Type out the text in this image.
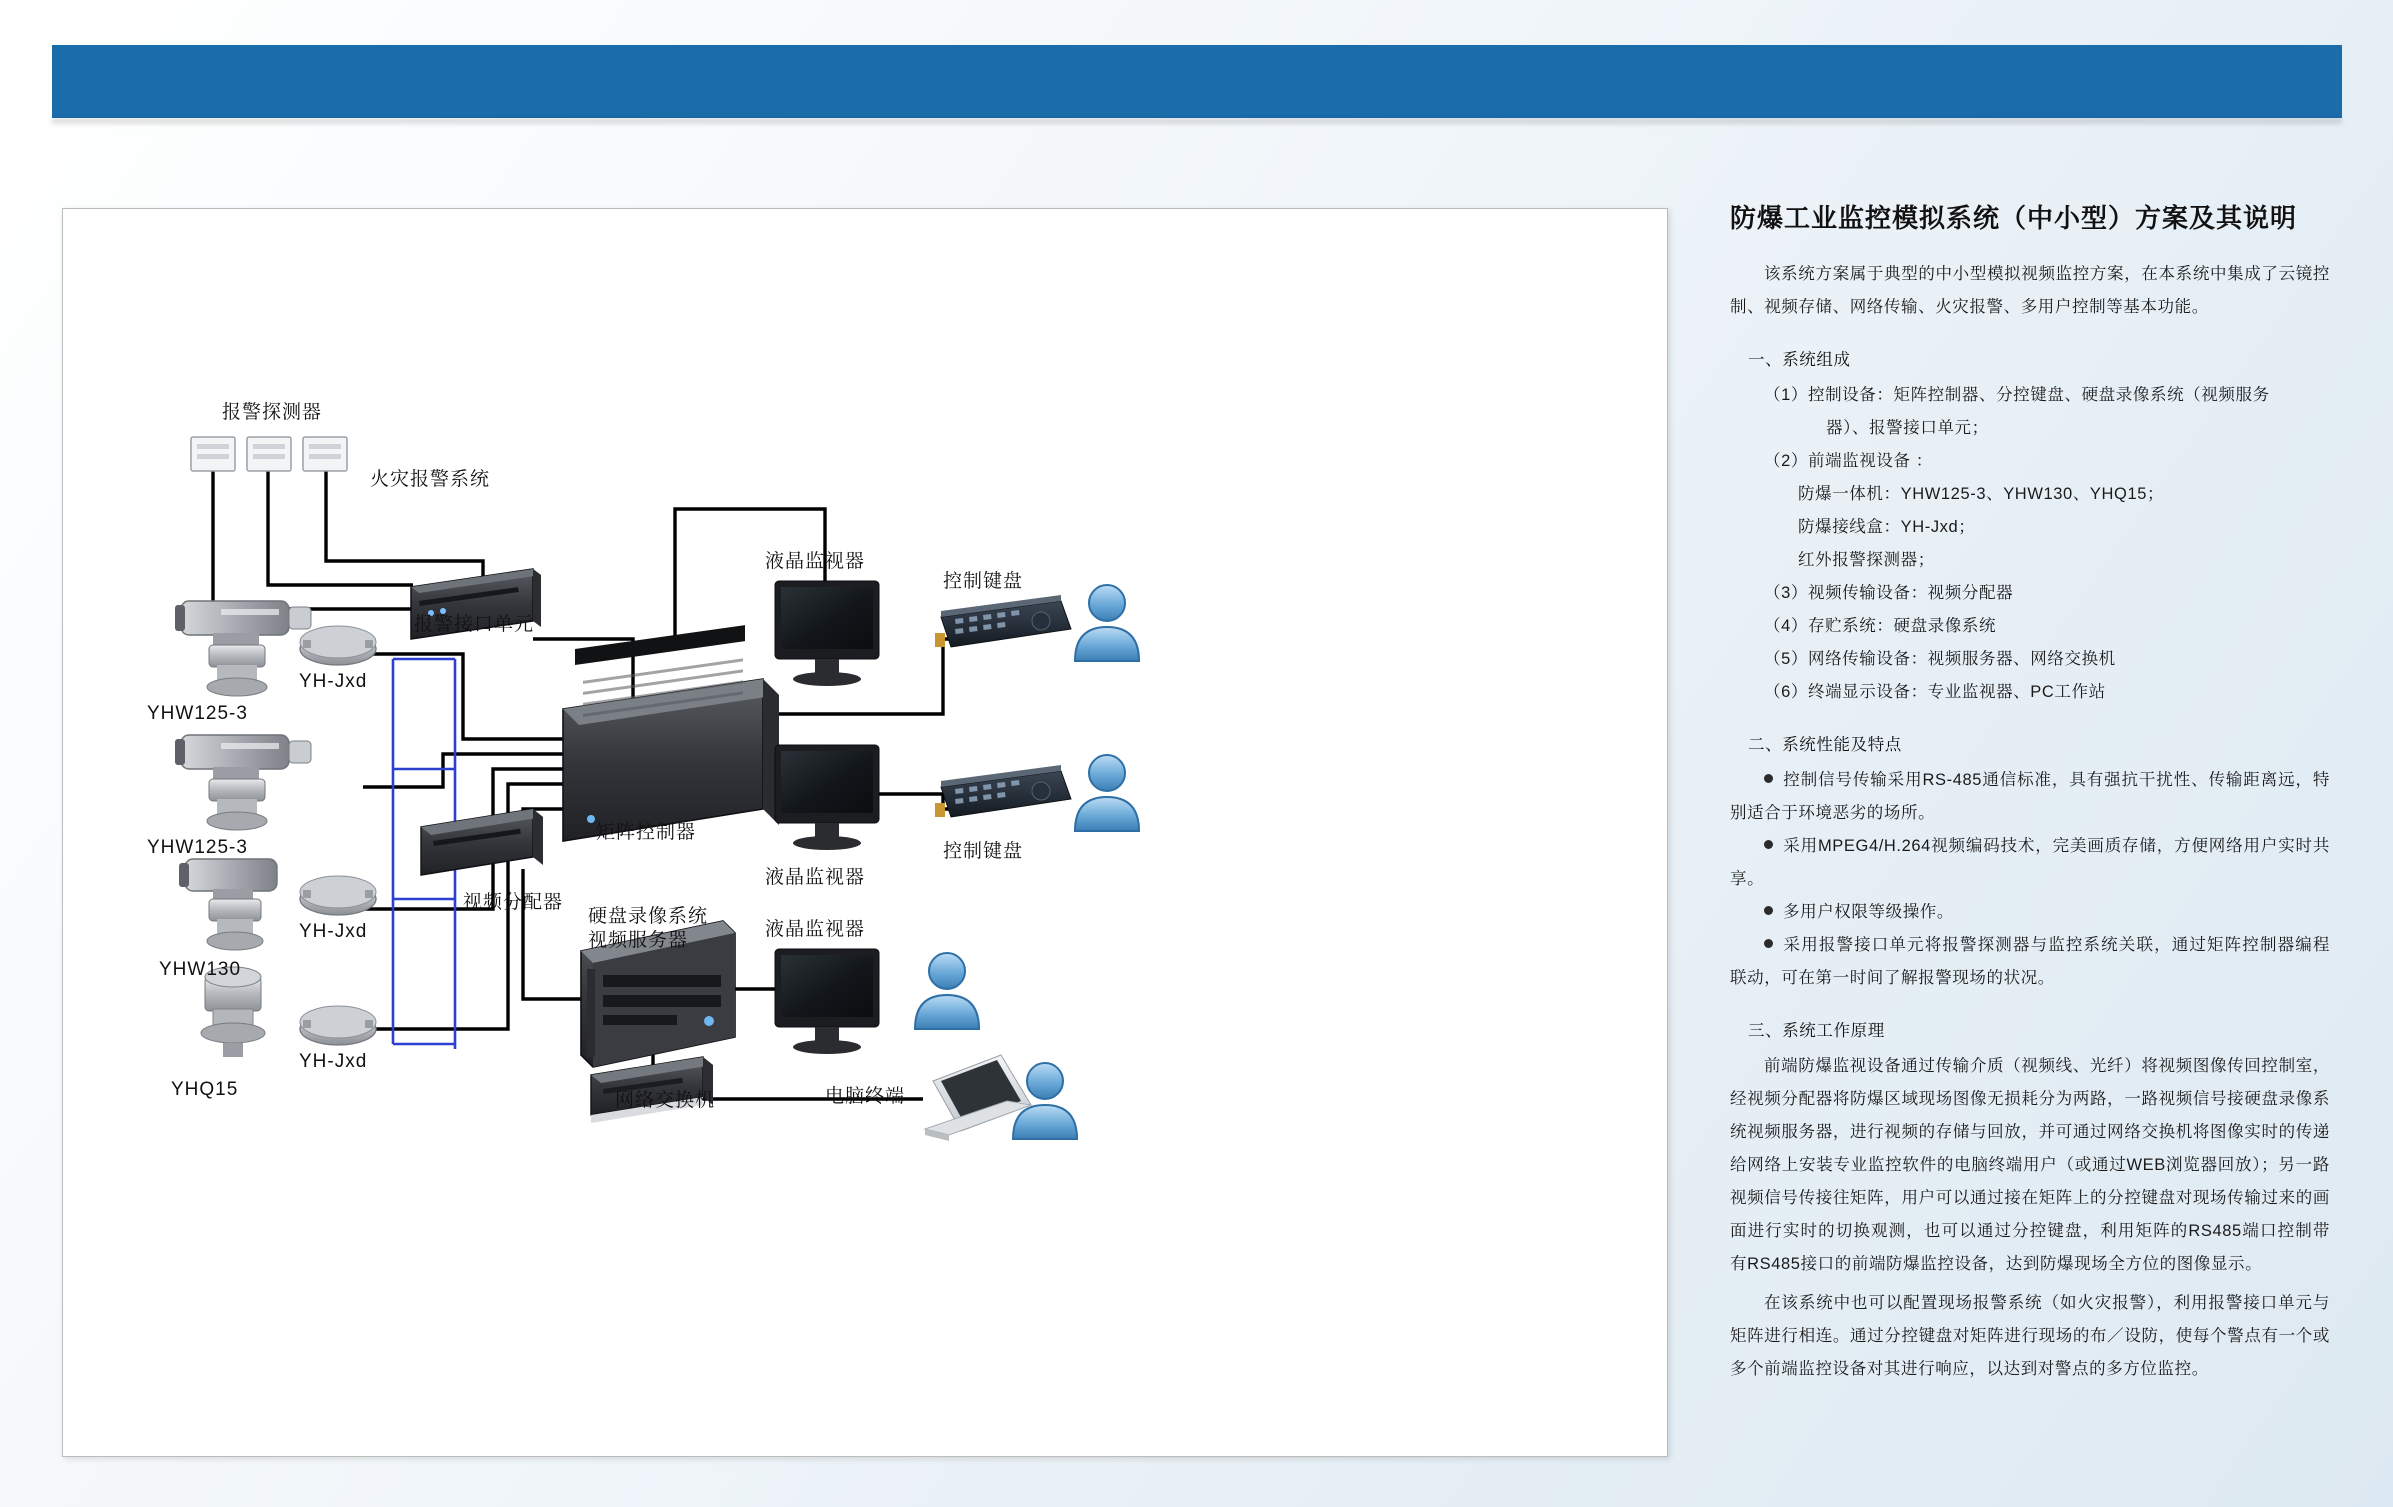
报警探测器
火灾报警系统
报警接口单元
YHW125-3
YHW125-3
YHW130
YHQ15
YH-Jxd
YH-Jxd
YH-Jxd
矩阵控制器
视频分配器
硬盘录像系统
视频服务器
网络交换机	电脑终端
液晶监视器
液晶监视器
液晶监视器
控制键盘
控制键盘
防爆工业监控模拟系统（中小型）方案及其说明

该系统方案属于典型的中小型模拟视频监控方案，在本系统中集成了云镜控制、视频存储、网络传输、火灾报警、多用户控制等基本功能。

一、系统组成

（1）控制设备：矩阵控制器、分控键盘、硬盘录像系统（视频服务

器）、报警接口单元；

（2）前端监视设备 ：

防爆一体机：YHW125-3、YHW130、YHQ15；

防爆接线盒：YH-Jxd；

红外报警探测器；

（3）视频传输设备：视频分配器

（4）存贮系统：硬盘录像系统

（5）网络传输设备：视频服务器、网络交换机

（6）终端显示设备：专业监视器、PC工作站

二、系统性能及特点

控制信号传输采用RS-485通信标准，具有强抗干扰性、传输距离远，特别适合于环境恶劣的场所。

采用MPEG4/H.264视频编码技术，完美画质存储，方便网络用户实时共享。

多用户权限等级操作。

采用报警接口单元将报警探测器与监控系统关联，通过矩阵控制器编程联动，可在第一时间了解报警现场的状况。

三、系统工作原理

前端防爆监视设备通过传输介质（视频线、光纤）将视频图像传回控制室，经视频分配器将防爆区域现场图像无损耗分为两路，一路视频信号接硬盘录像系统视频服务器，进行视频的存储与回放，并可通过网络交换机将图像实时的传递给网络上安装专业监控软件的电脑终端用户（或通过WEB浏览器回放）；另一路视频信号传接往矩阵，用户可以通过接在矩阵上的分控键盘对现场传输过来的画面进行实时的切换观测，也可以通过分控键盘，利用矩阵的RS485端口控制带有RS485接口的前端防爆监控设备，达到防爆现场全方位的图像显示。

在该系统中也可以配置现场报警系统（如火灾报警），利用报警接口单元与矩阵进行相连。通过分控键盘对矩阵进行现场的布／设防，使每个警点有一个或多个前端监控设备对其进行响应，以达到对警点的多方位监控。
